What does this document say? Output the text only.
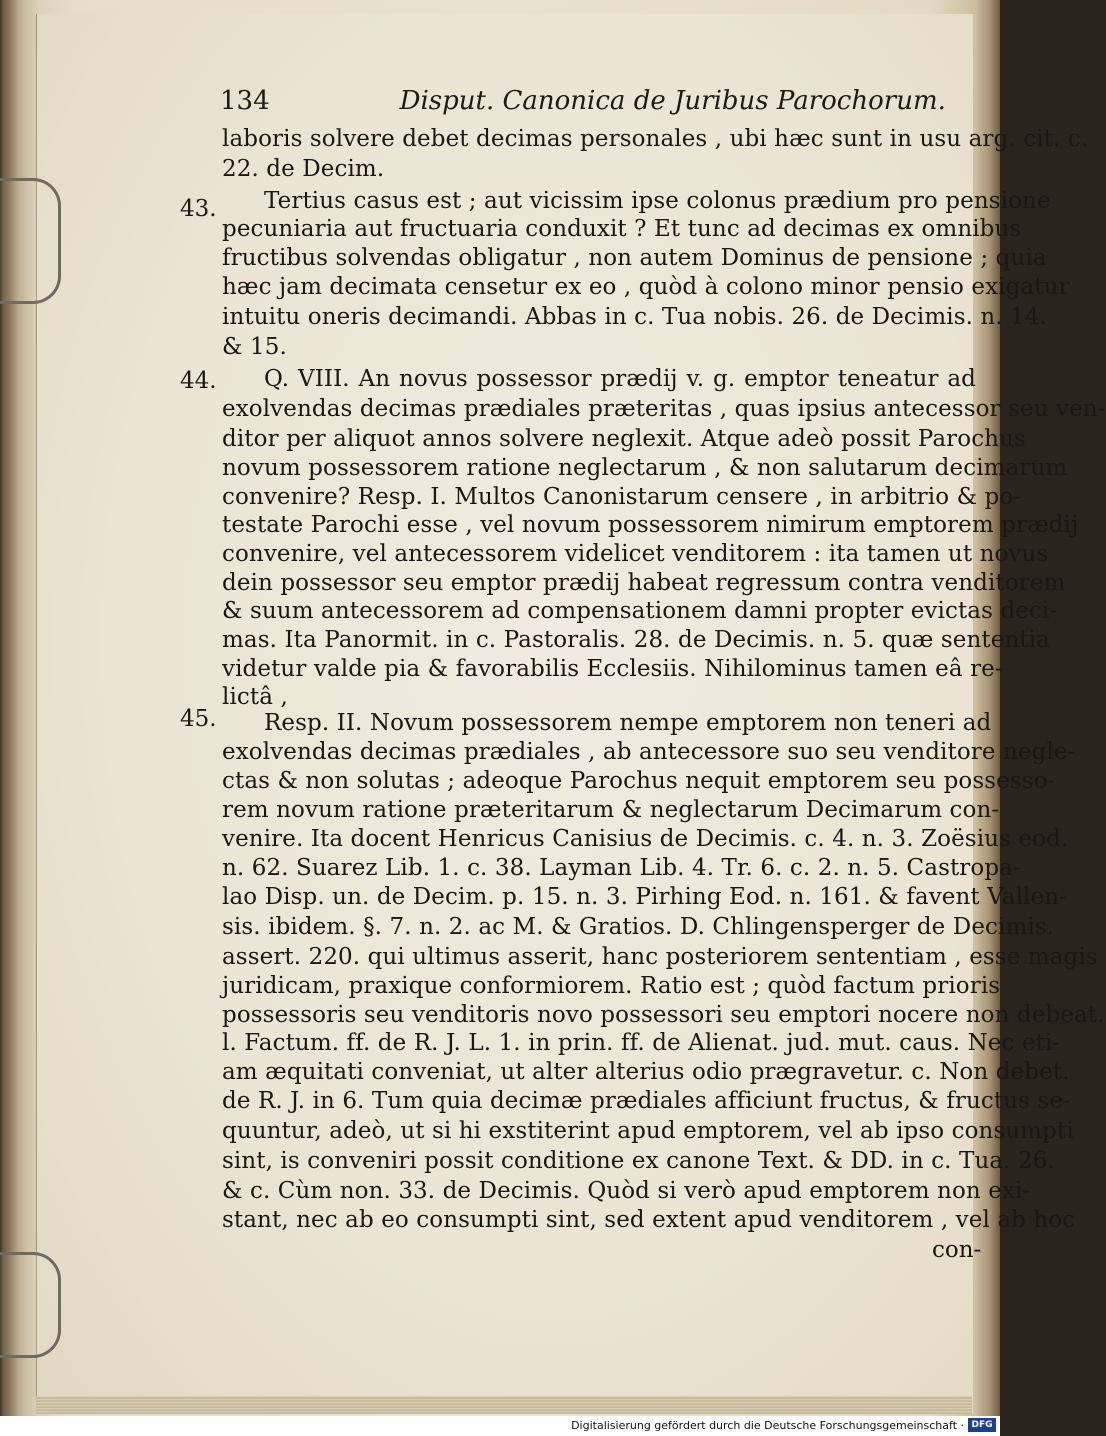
134	Disput. Canonica de Juribus Parochorum.
43.
44.
45.
laboris solvere debet decimas personales , ubi hæc sunt in usu arg. cit. c.
22. de Decim.
Tertius casus est ; aut vicissim ipse colonus prædium pro pensione
pecuniaria aut fructuaria conduxit ? Et tunc ad decimas ex omnibus
fructibus solvendas obligatur , non autem Dominus de pensione ; quia
hæc jam decimata censetur ex eo , quòd à colono minor pensio exigatur
intuitu oneris decimandi. Abbas in c. Tua nobis. 26. de Decimis. n. 14.
& 15.
Q. VIII. An novus possessor prædij v. g. emptor teneatur ad
exolvendas decimas prædiales præteritas , quas ipsius antecessor seu ven-
ditor per aliquot annos solvere neglexit. Atque adeò possit Parochus
novum possessorem ratione neglectarum , & non salutarum decimarum
convenire? Resp. I. Multos Canonistarum censere , in arbitrio & po-
testate Parochi esse , vel novum possessorem nimirum emptorem prædij
convenire, vel antecessorem videlicet venditorem : ita tamen ut novus
dein possessor seu emptor prædij habeat regressum contra venditorem
& suum antecessorem ad compensationem damni propter evictas deci-
mas. Ita Panormit. in c. Pastoralis. 28. de Decimis. n. 5. quæ sententia
videtur valde pia & favorabilis Ecclesiis. Nihilominus tamen eâ re-
lictâ ,
Resp. II. Novum possessorem nempe emptorem non teneri ad
exolvendas decimas prædiales , ab antecessore suo seu venditore negle-
ctas & non solutas ; adeoque Parochus nequit emptorem seu possesso-
rem novum ratione præteritarum & neglectarum Decimarum con-
venire. Ita docent Henricus Canisius de Decimis. c. 4. n. 3. Zoësius eod.
n. 62. Suarez Lib. 1. c. 38. Layman Lib. 4. Tr. 6. c. 2. n. 5. Castropa-
lao Disp. un. de Decim. p. 15. n. 3. Pirhing Eod. n. 161. & favent Vallen-
sis. ibidem. §. 7. n. 2. ac M. & Gratios. D. Chlingensperger de Decimis.
assert. 220. qui ultimus asserit, hanc posteriorem sententiam , esse magis
juridicam, praxique conformiorem. Ratio est ; quòd factum prioris
possessoris seu venditoris novo possessori seu emptori nocere non debeat.
l. Factum. ff. de R. J. L. 1. in prin. ff. de Alienat. jud. mut. caus. Nec eti-
am æquitati conveniat, ut alter alterius odio prægravetur. c. Non debet.
de R. J. in 6. Tum quia decimæ prædiales afficiunt fructus, & fructus se-
quuntur, adeò, ut si hi exstiterint apud emptorem, vel ab ipso consumpti
sint, is conveniri possit conditione ex canone Text. & DD. in c. Tua. 26.
& c. Cùm non. 33. de Decimis. Quòd si verò apud emptorem non exi-
stant, nec ab eo consumpti sint, sed extent apud venditorem , vel ab hoc
con-
Digitalisierung gefördert durch die Deutsche Forschungsgemeinschaft · DFG
